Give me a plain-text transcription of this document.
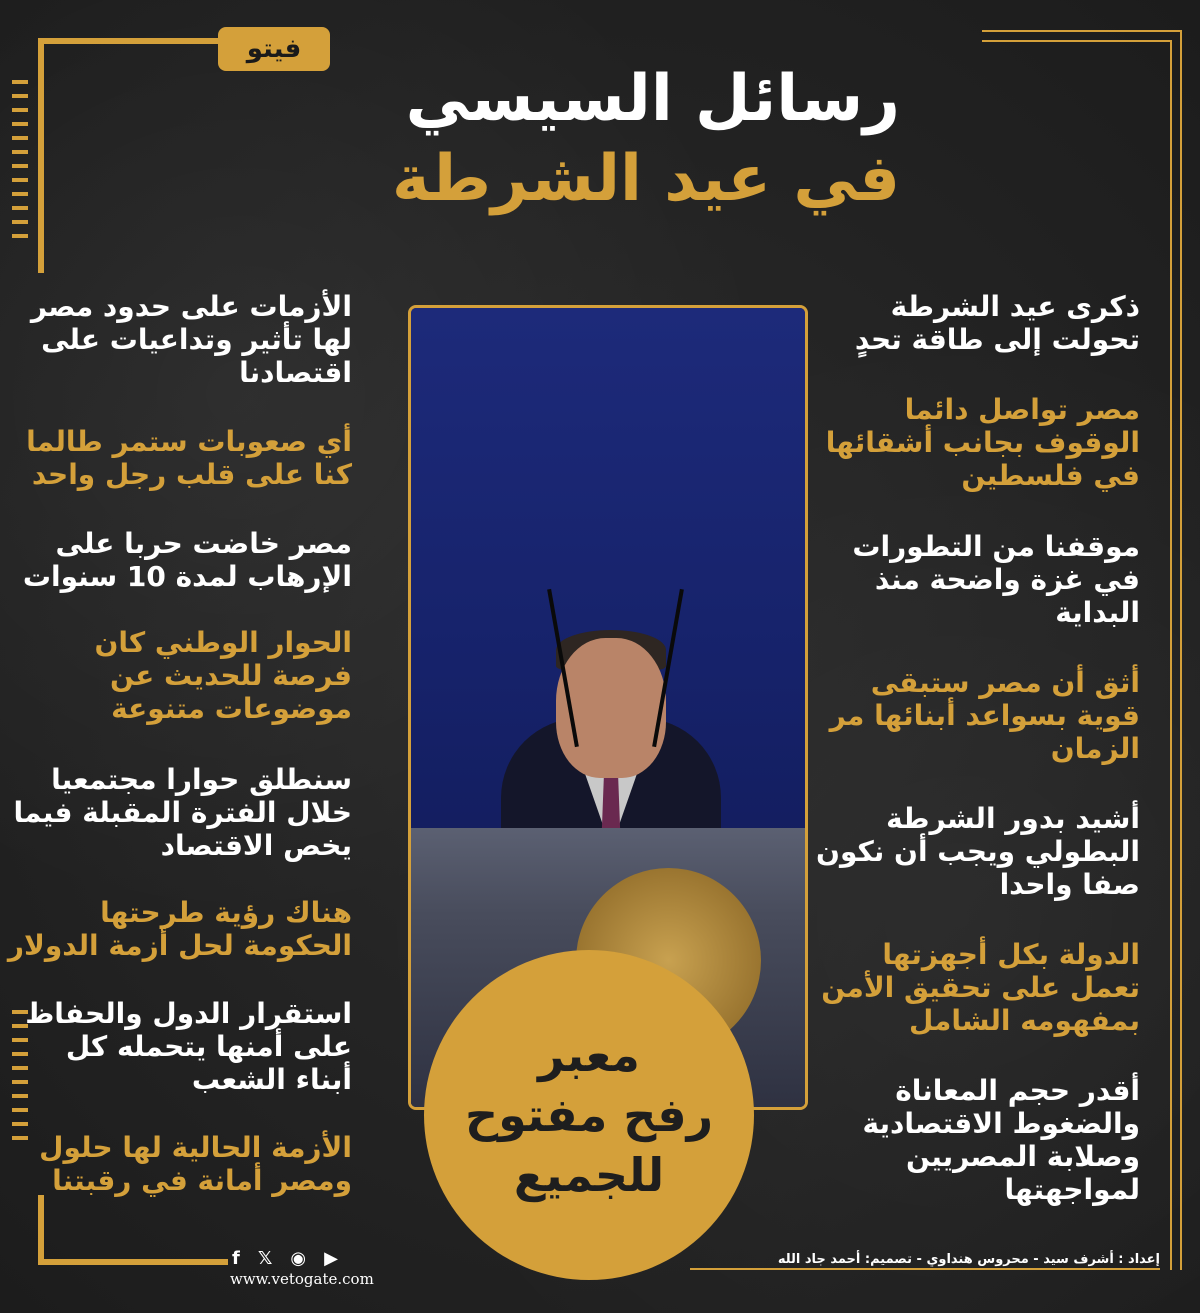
فيتو
رسائل السيسي
في عيد الشرطة
معبر
رفح مفتوح
للجميع

ذكرى عيد الشرطة
تحولت إلى طاقة تحدٍ

مصر تواصل دائما
الوقوف بجانب أشقائها
في فلسطين

موقفنا من التطورات
في غزة واضحة منذ
البداية

أثق أن مصر ستبقى
قوية بسواعد أبنائها مر
الزمان

أشيد بدور الشرطة
البطولي ويجب أن نكون
صفا واحدا

الدولة بكل أجهزتها
تعمل على تحقيق الأمن
بمفهومه الشامل

أقدر حجم المعاناة
والضغوط الاقتصادية
وصلابة المصريين
لمواجهتها

الأزمات على حدود مصر
لها تأثير وتداعيات على
اقتصادنا

أي صعوبات ستمر طالما
كنا على قلب رجل واحد

مصر خاضت حربا على
الإرهاب لمدة 10 سنوات

الحوار الوطني كان
فرصة للحديث عن
موضوعات متنوعة

سنطلق حوارا مجتمعيا
خلال الفترة المقبلة فيما
يخص الاقتصاد

هناك رؤية طرحتها
الحكومة لحل أزمة الدولار

استقرار الدول والحفاظ
على أمنها يتحمله كل
أبناء الشعب

الأزمة الحالية لها حلول
ومصر أمانة في رقبتنا

f 𝕏 ◉ ▶
www.vetogate.com
إعداد : أشرف سيد - محروس هنداوي - تصميم: أحمد جاد الله
